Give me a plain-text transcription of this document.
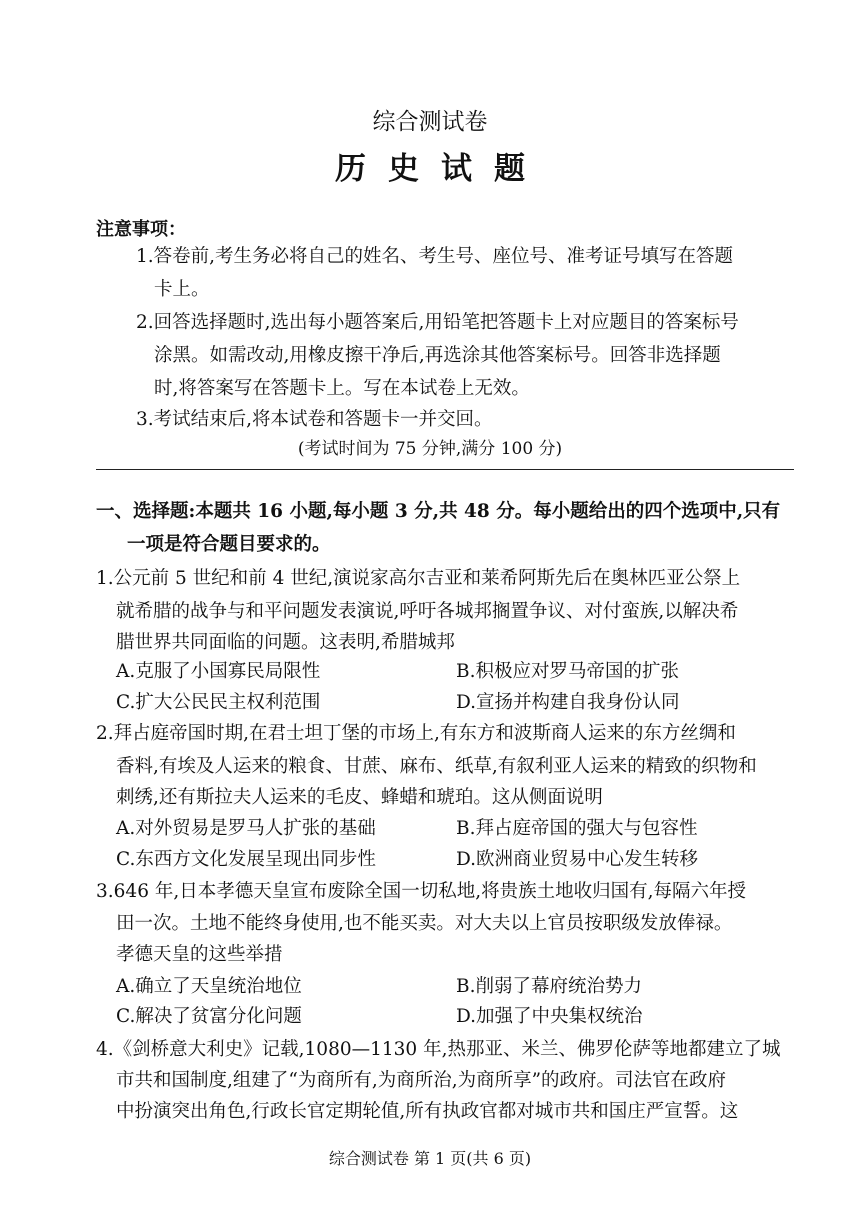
综合测试卷
历史试题
注意事项：
1.答卷前,考生务必将自己的姓名、考生号、座位号、准考证号填写在答题
卡上。
2.回答选择题时,选出每小题答案后,用铅笔把答题卡上对应题目的答案标号
涂黑。如需改动,用橡皮擦干净后,再选涂其他答案标号。回答非选择题
时,将答案写在答题卡上。写在本试卷上无效。
3.考试结束后,将本试卷和答题卡一并交回。
(考试时间为 75 分钟,满分 100 分)
一、选择题:本题共 16 小题,每小题 3 分,共 48 分。每小题给出的四个选项中,只有
一项是符合题目要求的。
1.公元前 5 世纪和前 4 世纪,演说家高尔吉亚和莱希阿斯先后在奥林匹亚公祭上
就希腊的战争与和平问题发表演说,呼吁各城邦搁置争议、对付蛮族,以解决希
腊世界共同面临的问题。这表明,希腊城邦
A.克服了小国寡民局限性	B.积极应对罗马帝国的扩张
C.扩大公民民主权利范围	D.宣扬并构建自我身份认同
2.拜占庭帝国时期,在君士坦丁堡的市场上,有东方和波斯商人运来的东方丝绸和
香料,有埃及人运来的粮食、甘蔗、麻布、纸草,有叙利亚人运来的精致的织物和
刺绣,还有斯拉夫人运来的毛皮、蜂蜡和琥珀。这从侧面说明
A.对外贸易是罗马人扩张的基础	B.拜占庭帝国的强大与包容性
C.东西方文化发展呈现出同步性	D.欧洲商业贸易中心发生转移
3.646 年,日本孝德天皇宣布废除全国一切私地,将贵族土地收归国有,每隔六年授
田一次。土地不能终身使用,也不能买卖。对大夫以上官员按职级发放俸禄。
孝德天皇的这些举措
A.确立了天皇统治地位	B.削弱了幕府统治势力
C.解决了贫富分化问题	D.加强了中央集权统治
4.《剑桥意大利史》记载,1080—1130 年,热那亚、米兰、佛罗伦萨等地都建立了城
市共和国制度,组建了“为商所有,为商所治,为商所享”的政府。司法官在政府
中扮演突出角色,行政长官定期轮值,所有执政官都对城市共和国庄严宣誓。这
综合测试卷 第 1 页(共 6 页)
